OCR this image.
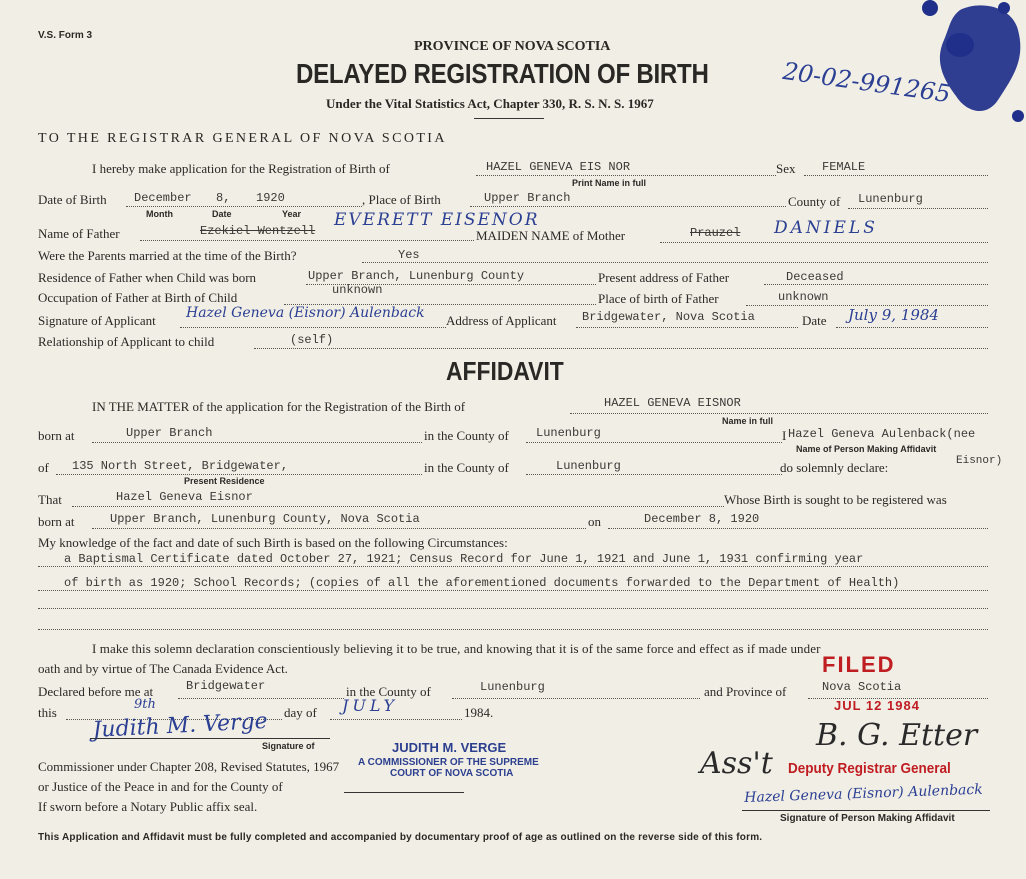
V.S. Form 3
PROVINCE OF NOVA SCOTIA
DELAYED REGISTRATION OF BIRTH	20-02-991265
Under the Vital Statistics Act, Chapter 330, R. S. N. S. 1967
TO THE REGISTRAR GENERAL OF NOVA SCOTIA
I hereby make application for the Registration of Birth of	HAZEL GENEVA EIS NOR
Print Name in full
Sex FEMALE
Date of Birth December 8, 1920
Month	Date	Year
, Place of Birth	Upper Branch	County of Lunenburg
Name of Father	Ezekiel Wentzell
EVERETT EISENOR
MAIDEN NAME of Mother	Prauzel DANIELS
Were the Parents married at the time of the Birth?	Yes
Residence of Father when Child was born	Upper Branch, Lunenburg County	Present address of Father	Deceased
Occupation of Father at Birth of Child	unknown
Place of birth of Father	unknown
Signature of Applicant Hazel Geneva (Eisnor) Aulenback Address of Applicant Bridgewater, Nova Scotia	Date July 9, 1984
Relationship of Applicant to child	(self)
AFFIDAVIT
IN THE MATTER of the application for the Registration of the Birth of	HAZEL GENEVA EISNOR
Name in full
born at	Upper Branch	in the County of Lunenburg	I Hazel Geneva Aulenback(nee
Name of Person Making Affidavit
Eisnor)
of 135 North Street, Bridgewater,
Present Residence
in the County of	Lunenburg	do solemnly declare:
That	Hazel Geneva Eisnor	Whose Birth is sought to be registered was
born at	Upper Branch, Lunenburg County, Nova Scotia	on	December 8, 1920
My knowledge of the fact and date of such Birth is based on the following Circumstances:
a Baptismal Certificate dated October 27, 1921; Census Record for June 1, 1921 and June 1, 1931 confirming year
of birth as 1920; School Records; (copies of all the aforementioned documents forwarded to the Department of Health)
I make this solemn declaration conscientiously believing it to be true, and knowing that it is of the same force and effect as if made under
oath and by virtue of The Canada Evidence Act.	FILED
Declared before me at	Bridgewater	in the County of	Lunenburg	and Province of	Nova Scotia
this
9th
day of JULY	1984.	JUL 12 1984
Judith M. Verge
Signature of	JUDITH M. VERGE
A COMMISSIONER OF THE SUPREME
COURT OF NOVA SCOTIA	Ass't
B. G. Etter
Deputy Registrar General
Commissioner under Chapter 208, Revised Statutes, 1967
or Justice of the Peace in and for the County of
If sworn before a Notary Public affix seal.
Hazel Geneva (Eisnor) Aulenback
Signature of Person Making Affidavit
This Application and Affidavit must be fully completed and accompanied by documentary proof of age as outlined on the reverse side of this form.
